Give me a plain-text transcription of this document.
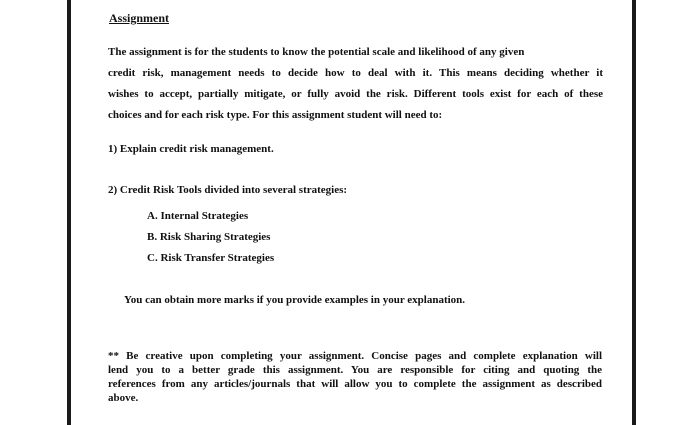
Assignment

The assignment is for the students to know the potential scale and likelihood of any given
credit risk, management needs to decide how to deal with it. This means deciding whether it
wishes to accept, partially mitigate, or fully avoid the risk. Different tools exist for each of these
choices and for each risk type. For this assignment student will need to:

1) Explain credit risk management.

2) Credit Risk Tools divided into several strategies:

A. Internal Strategies
B. Risk Sharing Strategies
C. Risk Transfer Strategies

You can obtain more marks if you provide examples in your explanation.

** Be creative upon completing your assignment. Concise pages and complete explanation will
lend you to a better grade this assignment. You are responsible for citing and quoting the
references from any articles/journals that will allow you to complete the assignment as described
above.
